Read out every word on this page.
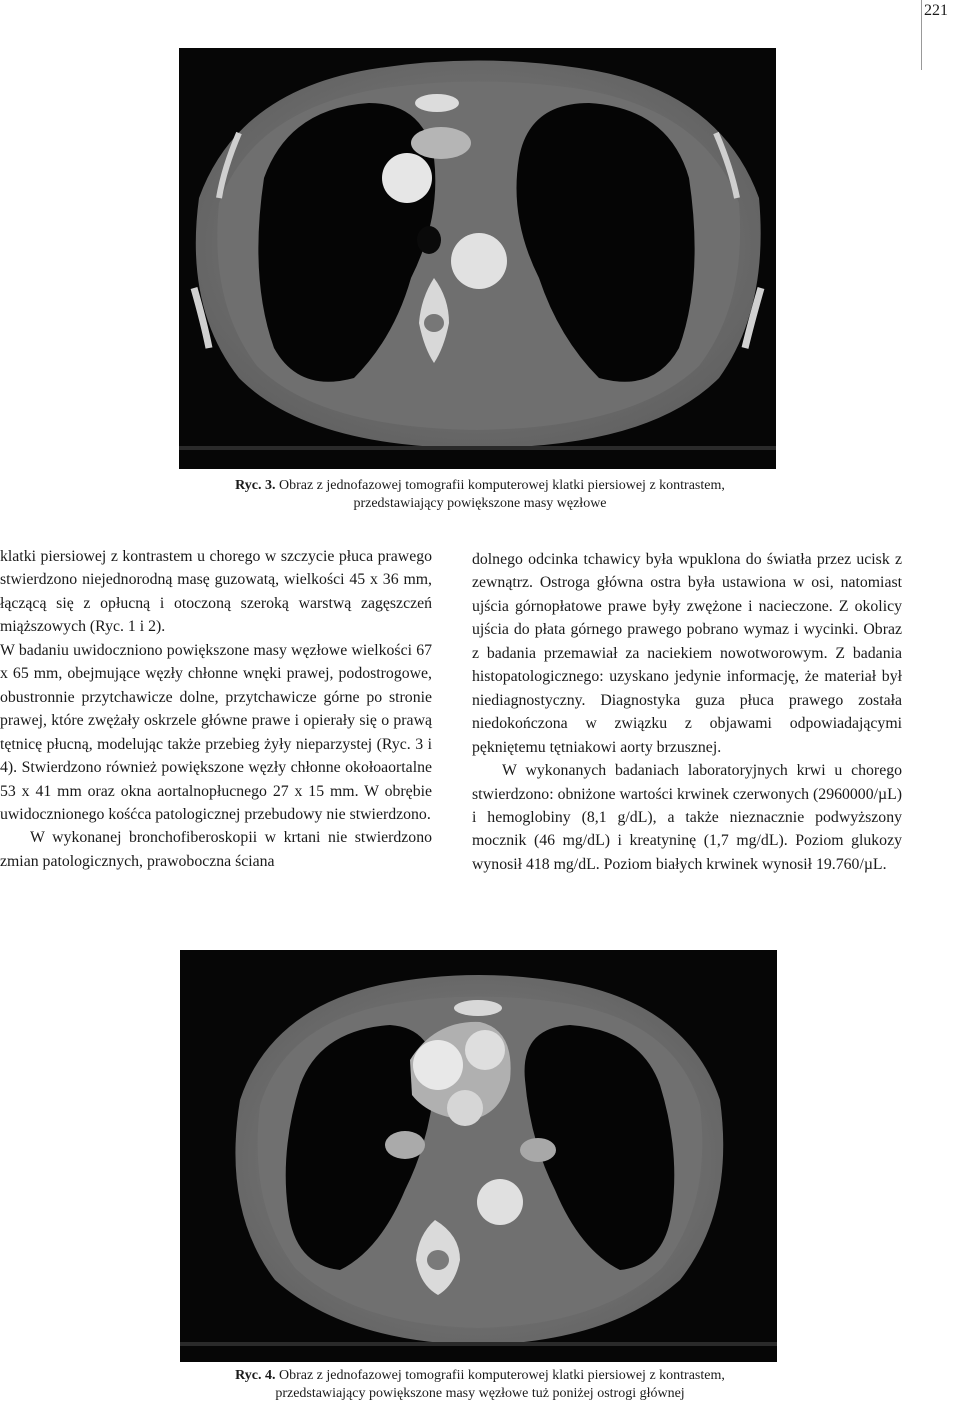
221
Ryc. 3. Obraz z jednofazowej tomografii komputerowej klatki piersiowej z kontrastem,
przedstawiający powiększone masy węzłowe

klatki piersiowej z kontrastem u chorego w szczycie płuca prawego stwierdzono niejednorodną masę guzowatą, wielkości 45 x 36 mm, łączącą się z opłucną i otoczoną szeroką warstwą zagęszczeń miąższowych (Ryc. 1 i 2).

W badaniu uwidoczniono powiększone masy węzłowe wielkości 67 x 65 mm, obejmujące węzły chłonne wnęki prawej, podostrogowe, obustronnie przytchawicze dolne, przytchawicze górne po stronie prawej, które zwężały oskrzele główne prawe i opierały się o prawą tętnicę płucną, modelując także przebieg żyły nieparzystej (Ryc. 3 i 4). Stwierdzono również powiększone węzły chłonne okołoaortalne 53 x 41 mm oraz okna aortalnopłucnego 27 x 15 mm. W obrębie uwidocznionego kośćca patologicznej przebudowy nie stwierdzono.

W wykonanej bronchofiberoskopii w krtani nie stwierdzono zmian patologicznych, prawoboczna ściana

dolnego odcinka tchawicy była wpuklona do światła przez ucisk z zewnątrz. Ostroga główna ostra była ustawiona w osi, natomiast ujścia górnopłatowe prawe były zwężone i nacieczone. Z okolicy ujścia do płata górnego prawego pobrano wymaz i wycinki. Obraz z badania przemawiał za naciekiem nowotworowym. Z badania histopatologicznego: uzyskano jedynie informację, że materiał był niediagnostyczny. Diagnostyka guza płuca prawego została niedokończona w związku z objawami odpowiadającymi pękniętemu tętniakowi aorty brzusznej.

W wykonanych badaniach laboratoryjnych krwi u chorego stwierdzono: obniżone wartości krwinek czerwonych (2960000/µL) i hemoglobiny (8,1 g/dL), a także nieznacznie podwyższony mocznik (46 mg/dL) i kreatyninę (1,7 mg/dL). Poziom glukozy wynosił 418 mg/dL. Poziom białych krwinek wynosił 19.760/µL.

Ryc. 4. Obraz z jednofazowej tomografii komputerowej klatki piersiowej z kontrastem,
przedstawiający powiększone masy węzłowe tuż poniżej ostrogi głównej
